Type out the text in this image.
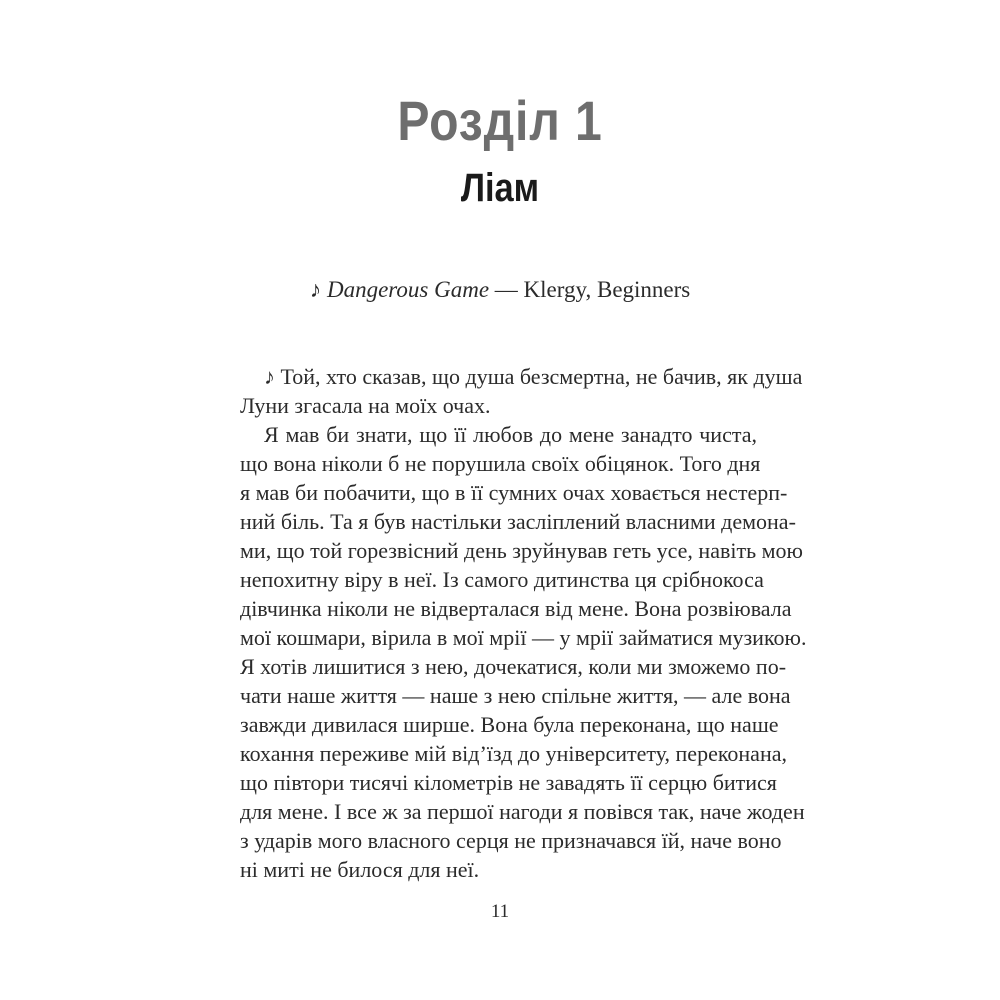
Розділ 1
Ліам
♪ Dangerous Game — Klergy, Beginners
♪ Той, хто сказав, що душа безсмертна, не бачив, як душа
Луни згасала на моїх очах.
Я мав би знати, що її любов до мене занадто чиста,
що вона ніколи б не порушила своїх обіцянок. Того дня
я мав би побачити, що в її сумних очах ховається нестерп-
ний біль. Та я був настільки засліплений власними демона-
ми, що той горезвісний день зруйнував геть усе, навіть мою
непохитну віру в неї. Із самого дитинства ця срібнокоса
дівчинка ніколи не відверталася від мене. Вона розвіювала
мої кошмари, вірила в мої мрії — у мрії займатися музикою.
Я хотів лишитися з нею, дочекатися, коли ми зможемо по-
чати наше життя — наше з нею спільне життя, — але вона
завжди дивилася ширше. Вона була переконана, що наше
кохання переживе мій від’їзд до університету, переконана,
що півтори тисячі кілометрів не завадять її серцю битися
для мене. І все ж за першої нагоди я повівся так, наче жоден
з ударів мого власного серця не призначався їй, наче воно
ні миті не билося для неї.
11
